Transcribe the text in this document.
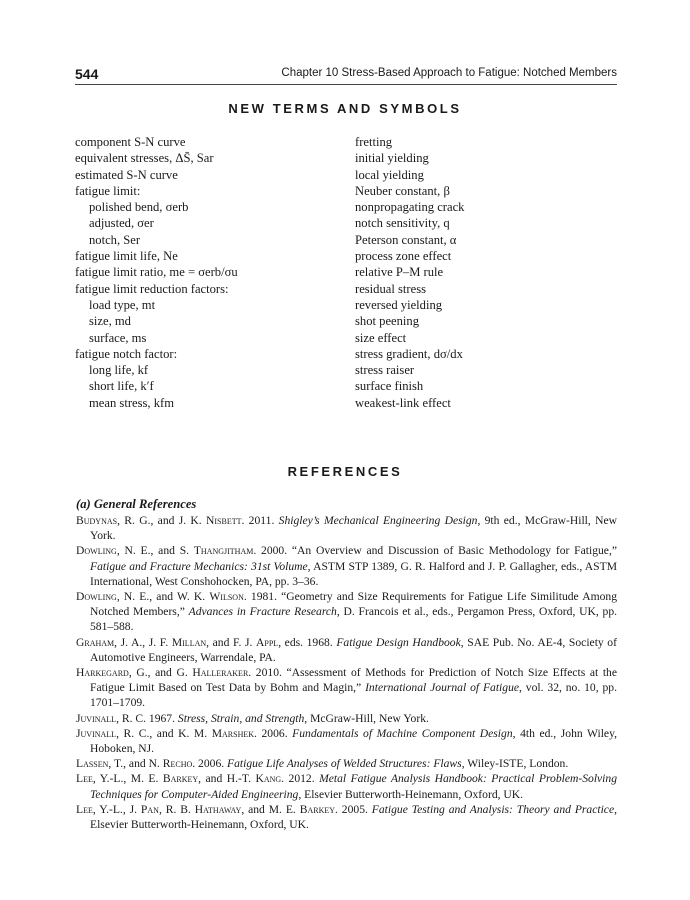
544	Chapter 10 Stress-Based Approach to Fatigue: Notched Members
NEW TERMS AND SYMBOLS
component S-N curve
equivalent stresses, ΔS̄, Sar
estimated S-N curve
fatigue limit:
polished bend, σerb
adjusted, σer
notch, Ser
fatigue limit life, Ne
fatigue limit ratio, me = σerb/σu
fatigue limit reduction factors:
load type, mt
size, md
surface, ms
fatigue notch factor:
long life, kf
short life, k′f
mean stress, kfm
fretting
initial yielding
local yielding
Neuber constant, β
nonpropagating crack
notch sensitivity, q
Peterson constant, α
process zone effect
relative P–M rule
residual stress
reversed yielding
shot peening
size effect
stress gradient, dσ/dx
stress raiser
surface finish
weakest-link effect
REFERENCES
(a) General References

Budynas, R. G., and J. K. Nisbett. 2011. Shigley’s Mechanical Engineering Design, 9th ed., McGraw-Hill, New York.

Dowling, N. E., and S. Thangjitham. 2000. “An Overview and Discussion of Basic Methodology for Fatigue,” Fatigue and Fracture Mechanics: 31st Volume, ASTM STP 1389, G. R. Halford and J. P. Gallagher, eds., ASTM International, West Conshohocken, PA, pp. 3–36.

Dowling, N. E., and W. K. Wilson. 1981. “Geometry and Size Requirements for Fatigue Life Similitude Among Notched Members,” Advances in Fracture Research, D. Francois et al., eds., Pergamon Press, Oxford, UK, pp. 581–588.

Graham, J. A., J. F. Millan, and F. J. Appl, eds. 1968. Fatigue Design Handbook, SAE Pub. No. AE-4, Society of Automotive Engineers, Warrendale, PA.

Harkegard, G., and G. Halleraker. 2010. “Assessment of Methods for Prediction of Notch Size Effects at the Fatigue Limit Based on Test Data by Bohm and Magin,” International Journal of Fatigue, vol. 32, no. 10, pp. 1701–1709.

Juvinall, R. C. 1967. Stress, Strain, and Strength, McGraw-Hill, New York.

Juvinall, R. C., and K. M. Marshek. 2006. Fundamentals of Machine Component Design, 4th ed., John Wiley, Hoboken, NJ.

Lassen, T., and N. Recho. 2006. Fatigue Life Analyses of Welded Structures: Flaws, Wiley-ISTE, London.

Lee, Y.-L., M. E. Barkey, and H.-T. Kang. 2012. Metal Fatigue Analysis Handbook: Practical Problem-Solving Techniques for Computer-Aided Engineering, Elsevier Butterworth-Heinemann, Oxford, UK.

Lee, Y.-L., J. Pan, R. B. Hathaway, and M. E. Barkey. 2005. Fatigue Testing and Analysis: Theory and Practice, Elsevier Butterworth-Heinemann, Oxford, UK.
